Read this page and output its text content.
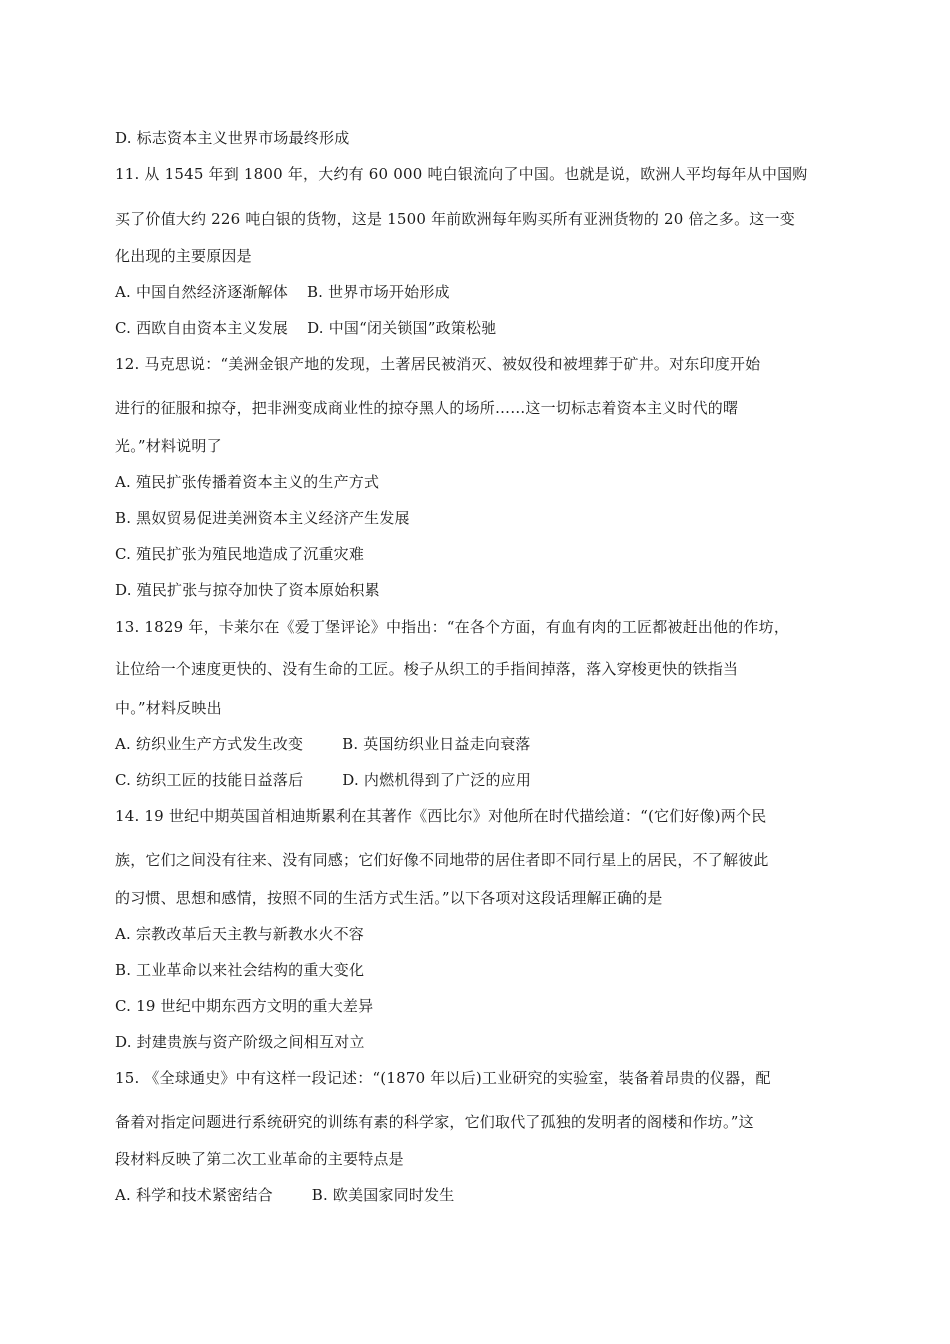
D. 标志资本主义世界市场最终形成
11. 从 1545 年到 1800 年，大约有 60 000 吨白银流向了中国。也就是说，欧洲人平均每年从中国购
买了价值大约 226 吨白银的货物，这是 1500 年前欧洲每年购买所有亚洲货物的 20 倍之多。这一变
化出现的主要原因是
A. 中国自然经济逐渐解体 B. 世界市场开始形成
C. 西欧自由资本主义发展 D. 中国“闭关锁国”政策松驰
12. 马克思说：“美洲金银产地的发现，土著居民被消灭、被奴役和被埋葬于矿井。对东印度开始
进行的征服和掠夺，把非洲变成商业性的掠夺黑人的场所……这一切标志着资本主义时代的曙
光。”材料说明了
A. 殖民扩张传播着资本主义的生产方式
B. 黑奴贸易促进美洲资本主义经济产生发展
C. 殖民扩张为殖民地造成了沉重灾难
D. 殖民扩张与掠夺加快了资本原始积累
13. 1829 年，卡莱尔在《爱丁堡评论》中指出：“在各个方面，有血有肉的工匠都被赶出他的作坊，
让位给一个速度更快的、没有生命的工匠。梭子从织工的手指间掉落，落入穿梭更快的铁指当
中。”材料反映出
A. 纺织业生产方式发生改变	B. 英国纺织业日益走向衰落
C. 纺织工匠的技能日益落后	D. 内燃机得到了广泛的应用
14. 19 世纪中期英国首相迪斯累利在其著作《西比尔》对他所在时代描绘道：“(它们好像)两个民
族，它们之间没有往来、没有同感；它们好像不同地带的居住者即不同行星上的居民，不了解彼此
的习惯、思想和感情，按照不同的生活方式生活。”以下各项对这段话理解正确的是
A. 宗教改革后天主教与新教水火不容
B. 工业革命以来社会结构的重大变化
C. 19 世纪中期东西方文明的重大差异
D. 封建贵族与资产阶级之间相互对立
15. 《全球通史》中有这样一段记述：“(1870 年以后)工业研究的实验室，装备着昂贵的仪器，配
备着对指定问题进行系统研究的训练有素的科学家，它们取代了孤独的发明者的阁楼和作坊。”这
段材料反映了第二次工业革命的主要特点是
A. 科学和技术紧密结合	B. 欧美国家同时发生
